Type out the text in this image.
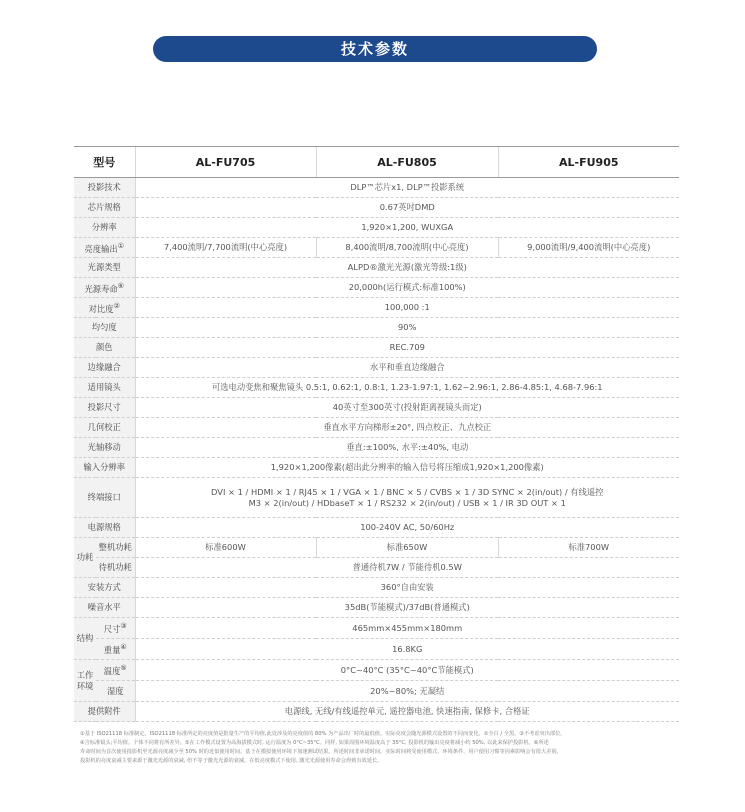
技术参数
型号		AL-FU705	AL-FU805	AL-FU905
投影技术		DLP™芯片x1, DLP™投影系统		
芯片规格		0.67英吋DMD		
分辨率		1,920×1,200, WUXGA		
亮度输出①		7,400流明/7,700流明(中心亮度)	8,400流明/8,700流明(中心亮度)	9,000流明/9,400流明(中心亮度)
光源类型		ALPD®激光光源(激光等级:1级)		
光源寿命⑥		20,000h(运行模式:标准100%)		
对比度②		100,000 :1		
均匀度		90%		
颜色		REC.709		
边缘融合		水平和垂直边缘融合		
适用镜头		可选电动变焦和聚焦镜头 0.5:1, 0.62:1, 0.8:1, 1.23-1.97:1, 1.62~2.96:1, 2.86-4.85:1, 4.68-7.96:1		
投影尺寸		40英寸至300英寸(投射距离视镜头而定)		
几何校正		垂直水平方向梯形±20°, 四点校正、九点校正		
光轴移动		垂直:±100%, 水平:±40%, 电动		
输入分辨率		1,920×1,200像素(超出此分辨率的输入信号将压缩成1,920×1,200像素)		
终端接口		DVI × 1 / HDMI × 1 / RJ45 × 1 / VGA × 1 / BNC × 5 / CVBS × 1 / 3D SYNC × 2(in/out) / 有线遥控
M3 × 2(in/out) / HDbaseT × 1 / RS232 × 2(in/out) / USB × 1 / IR 3D OUT × 1		

电源规格		100-240V AC, 50/60Hz		
功耗	整机功耗	标准600W	标准650W	标准700W
	待机功耗	普通待机7W / 节能待机0.5W		
安装方式		360°自由安装		
噪音水平		35dB(节能模式)/37dB(普通模式)		
结构	尺寸③	465mm×455mm×180mm		
	重量④	16.8KG		
工作环境	温度⑤	0°C~40°C (35°C~40°C节能模式)		
	湿度	20%~80%; 无凝结		
提供附件		电源线, 无线/有线遥控单元, 遥控器电池, 快速指南, 保修卡, 合格证		
①基于 ISO21118 标准制定。ISO21118 标准所定的亮度值是批量生产的平均值,此处涉及的亮度值的 80% 为产品出厂时的最低值。实际亮度会随光源模式设置的不同而变化。②全白 / 全黑。③不考虑突出部位。
④含标准镜头;平均值。个体不同将有所差异。⑤在工作模式设置为高海拔模式时, 运行温度为 0°C~35°C。同样, 如果周围环境温度高于 35°C, 投影机的输出亮度将减小约 50%, 以此来保护投影机。⑥所述
寿命时间为首次使用投影机至光源亮度减少至 50% 时的近似使用时间。基于在模拟使用环境下加速测试结果。所述时间非承诺时间。实际时间将受使用模式、环境条件、用户使用习惯等因素影响会有很大差别。
投影机的亮度衰减主要来源于激光光源的衰减, 但不等于激光光源的衰减。在低亮度模式下使用, 激光光源使用寿命会得到有效延长。
